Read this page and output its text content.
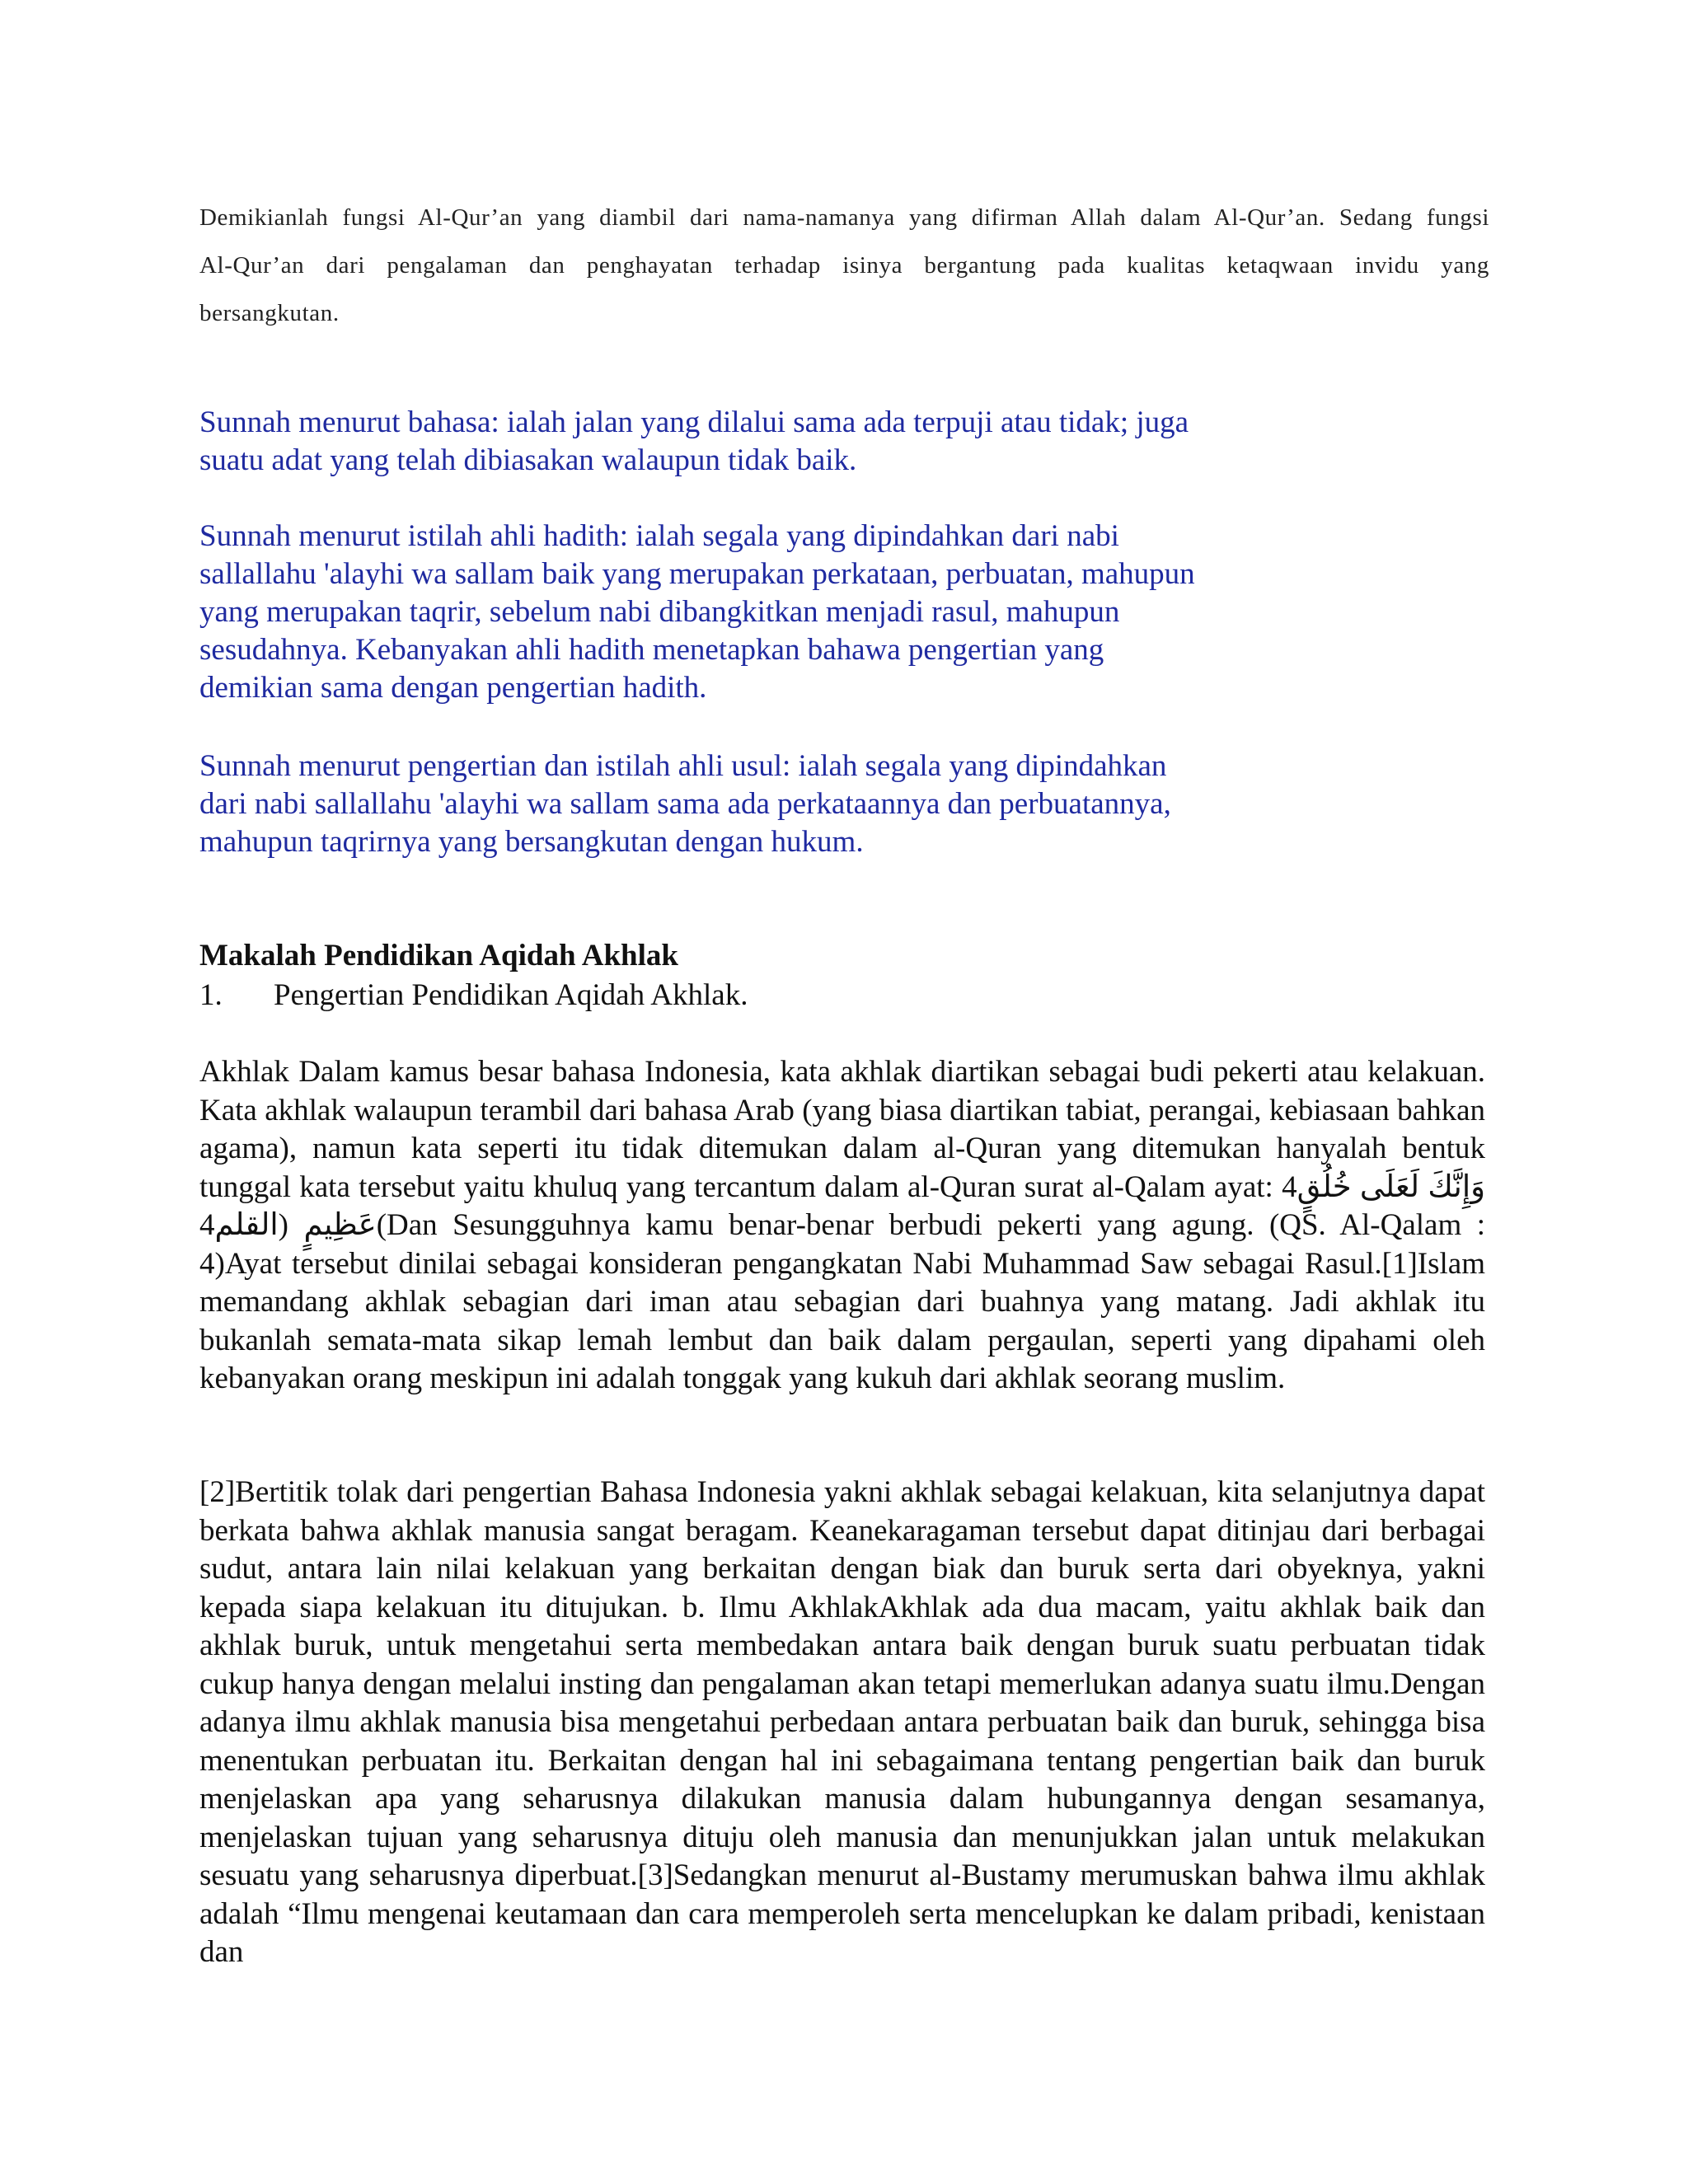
Demikianlah fungsi Al-Qur’an yang diambil dari nama-namanya yang difirman Allah dalam Al-Qur’an. Sedang fungsi Al-Qur’an dari pengalaman dan penghayatan terhadap isinya bergantung pada kualitas ketaqwaan invidu yang bersangkutan.

Sunnah menurut bahasa: ialah jalan yang dilalui sama ada terpuji atau tidak; juga suatu adat yang telah dibiasakan walaupun tidak baik.

Sunnah menurut istilah ahli hadith: ialah segala yang dipindahkan dari nabi sallallahu 'alayhi wa sallam baik yang merupakan perkataan, perbuatan, mahupun yang merupakan taqrir, sebelum nabi dibangkitkan menjadi rasul, mahupun sesudahnya. Kebanyakan ahli hadith menetapkan bahawa pengertian yang demikian sama dengan pengertian hadith.

Sunnah menurut pengertian dan istilah ahli usul: ialah segala yang dipindahkan dari nabi sallallahu 'alayhi wa sallam sama ada perkataannya dan perbuatannya, mahupun taqrirnya yang bersangkutan dengan hukum.

Makalah Pendidikan Aqidah Akhlak
1. Pengertian Pendidikan Aqidah Akhlak.

Akhlak Dalam kamus besar bahasa Indonesia, kata akhlak diartikan sebagai budi pekerti atau kelakuan. Kata akhlak walaupun terambil dari bahasa Arab (yang biasa diartikan tabiat, perangai, kebiasaan bahkan agama), namun kata seperti itu tidak ditemukan dalam al-Quran yang ditemukan hanyalah bentuk tunggal kata tersebut yaitu khuluq yang tercantum dalam al-Quran surat al-Qalam ayat: 4وَإِنَّكَ لَعَلَى خُلُقٍ عَظِيمٍ (القلم4(Dan Sesungguhnya kamu benar-benar berbudi pekerti yang agung. (QS. Al-Qalam : 4)Ayat tersebut dinilai sebagai konsideran pengangkatan Nabi Muhammad Saw sebagai Rasul.[1]Islam memandang akhlak sebagian dari iman atau sebagian dari buahnya yang matang. Jadi akhlak itu bukanlah semata-mata sikap lemah lembut dan baik dalam pergaulan, seperti yang dipahami oleh kebanyakan orang meskipun ini adalah tonggak yang kukuh dari akhlak seorang muslim.

[2]Bertitik tolak dari pengertian Bahasa Indonesia yakni akhlak sebagai kelakuan, kita selanjutnya dapat berkata bahwa akhlak manusia sangat beragam. Keanekaragaman tersebut dapat ditinjau dari berbagai sudut, antara lain nilai kelakuan yang berkaitan dengan biak dan buruk serta dari obyeknya, yakni kepada siapa kelakuan itu ditujukan. b. Ilmu AkhlakAkhlak ada dua macam, yaitu akhlak baik dan akhlak buruk, untuk mengetahui serta membedakan antara baik dengan buruk suatu perbuatan tidak cukup hanya dengan melalui insting dan pengalaman akan tetapi memerlukan adanya suatu ilmu.Dengan adanya ilmu akhlak manusia bisa mengetahui perbedaan antara perbuatan baik dan buruk, sehingga bisa menentukan perbuatan itu. Berkaitan dengan hal ini sebagaimana tentang pengertian baik dan buruk menjelaskan apa yang seharusnya dilakukan manusia dalam hubungannya dengan sesamanya, menjelaskan tujuan yang seharusnya dituju oleh manusia dan menunjukkan jalan untuk melakukan sesuatu yang seharusnya diperbuat.[3]Sedangkan menurut al-Bustamy merumuskan bahwa ilmu akhlak adalah “Ilmu mengenai keutamaan dan cara memperoleh serta mencelupkan ke dalam pribadi, kenistaan dan
